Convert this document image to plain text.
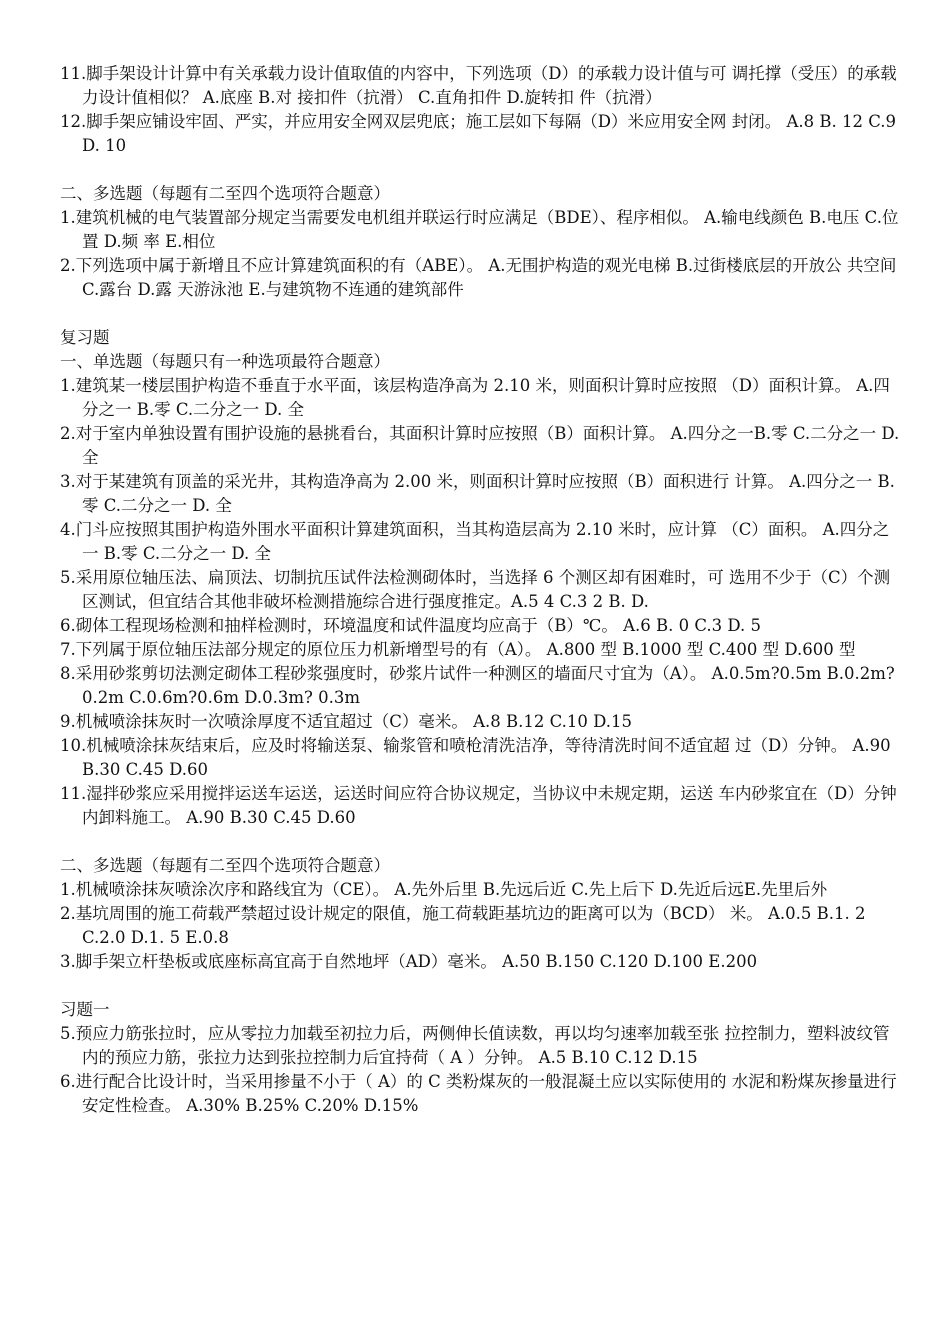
11.脚手架设计计算中有关承载力设计值取值的内容中，下列选项（D）的承载力设计值与可 调托撑（受压）的承载力设计值相似？ A.底座 B.对 接扣件（抗滑） C.直角扣件 D.旋转扣 件（抗滑）

12.脚手架应铺设牢固、严实，并应用安全网双层兜底；施工层如下每隔（D）米应用安全网 封闭。 A.8 B. 12 C.9 D. 10

二、多选题（每题有二至四个选项符合题意）

1.建筑机械的电气装置部分规定当需要发电机组并联运行时应满足（BDE）、程序相似。 A.输电线颜色 B.电压 C.位置 D.频 率 E.相位

2.下列选项中属于新增且不应计算建筑面积的有（ABE）。 A.无围护构造的观光电梯 B.过街楼底层的开放公 共空间 C.露台 D.露 天游泳池 E.与建筑物不连通的建筑部件

复习题

一、单选题（每题只有一种选项最符合题意）

1.建筑某一楼层围护构造不垂直于水平面，该层构造净高为 2.10 米，则面积计算时应按照 （D）面积计算。 A.四分之一 B.零 C.二分之一 D. 全

2.对于室内单独设置有围护设施的悬挑看台，其面积计算时应按照（B）面积计算。 A.四分之一B.零 C.二分之一 D. 全

3.对于某建筑有顶盖的采光井，其构造净高为 2.00 米，则面积计算时应按照（B）面积进行 计算。 A.四分之一 B.零 C.二分之一 D. 全

4.门斗应按照其围护构造外围水平面积计算建筑面积，当其构造层高为 2.10 米时，应计算 （C）面积。 A.四分之一 B.零 C.二分之一 D. 全

5.采用原位轴压法、扁顶法、切制抗压试件法检测砌体时，当选择 6 个测区却有困难时，可 选用不少于（C）个测区测试，但宜结合其他非破坏检测措施综合进行强度推定。A.5 4 C.3 2 B. D.

6.砌体工程现场检测和抽样检测时，环境温度和试件温度均应高于（B）℃。 A.6 B. 0 C.3 D. 5

7.下列属于原位轴压法部分规定的原位压力机新增型号的有（A）。 A.800 型 B.1000 型 C.400 型 D.600 型

8.采用砂浆剪切法测定砌体工程砂浆强度时，砂浆片试件一种测区的墙面尺寸宜为（A）。 A.0.5m?0.5m B.0.2m?0.2m C.0.6m?0.6m D.0.3m? 0.3m

9.机械喷涂抹灰时一次喷涂厚度不适宜超过（C）毫米。 A.8 B.12 C.10 D.15

10.机械喷涂抹灰结束后，应及时将输送泵、输浆管和喷枪清洗洁净，等待清洗时间不适宜超 过（D）分钟。 A.90 B.30 C.45 D.60

11.湿拌砂浆应采用搅拌运送车运送，运送时间应符合协议规定，当协议中未规定期，运送 车内砂浆宜在（D）分钟内卸料施工。 A.90 B.30 C.45 D.60

二、多选题（每题有二至四个选项符合题意）

1.机械喷涂抹灰喷涂次序和路线宜为（CE）。 A.先外后里 B.先远后近 C.先上后下 D.先近后远E.先里后外

2.基坑周围的施工荷载严禁超过设计规定的限值，施工荷载距基坑边的距离可以为（BCD） 米。 A.0.5 B.1. 2 C.2.0 D.1. 5 E.0.8

3.脚手架立杆垫板或底座标高宜高于自然地坪（AD）毫米。 A.50 B.150 C.120 D.100 E.200

习题一

5.预应力筋张拉时，应从零拉力加载至初拉力后，两侧伸长值读数，再以均匀速率加载至张 拉控制力，塑料波纹管内的预应力筋，张拉力达到张拉控制力后宜持荷（ A ）分钟。 A.5 B.10 C.12 D.15

6.进行配合比设计时，当采用掺量不小于（ A）的 C 类粉煤灰的一般混凝土应以实际使用的 水泥和粉煤灰掺量进行安定性检查。 A.30% B.25% C.20% D.15%
